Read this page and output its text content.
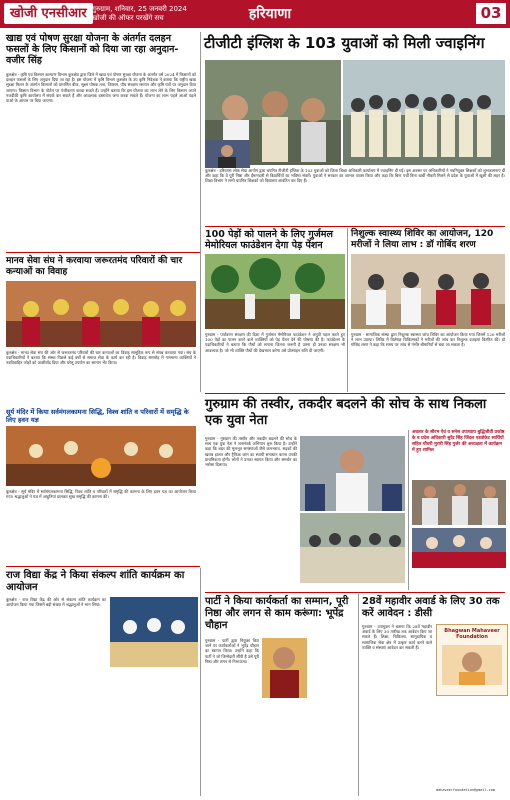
खोजी एनसीआर गुरुग्राम, शनिवार, 25 जनवरी 2024
खोजी की ऑफर परखेंगे सच	हरियाणा	03
खाद्य एवं पोषण सुरक्षा योजना के अंतर्गत दलहन फसलों के लिए किसानों को दिया जा रहा अनुदान-वजीर सिंह
कुरुक्षेत्र - कृषि एवं किसान कल्याण विभाग कुरुक्षेत्र द्वारा जिले में खाद्य एवं पोषण सुरक्षा योजना के अंतर्गत वर्ष 2024 में किसानों को दलहन फसलों के लिए अनुदान दिया जा रहा है। इस योजना में कृषि विभाग कुरुक्षेत्र के उप कृषि निदेशक ने बताया कि राष्ट्रीय खाद्य सुरक्षा मिशन के अंतर्गत किसानों को प्रमाणित बीज, सूक्ष्म पोषक तत्व, जिप्सम, पौध संरक्षण रसायन और कृषि यंत्रों पर अनुदान दिया जाएगा। किसान विभाग के पोर्टल पर पंजीकरण करवा सकते हैं। उन्होंने बताया कि इस योजना का लाभ लेने के लिए किसान अपने नजदीकी कृषि कार्यालय में संपर्क कर सकते हैं और आवश्यक दस्तावेज जमा करवा सकते हैं। योजना का लाभ पहले आओ पहले पाओ के आधार पर दिया जाएगा।
टीजीटी इंग्लिश के 103 युवाओं को मिली ज्वाइनिंग
कुरुक्षेत्र - हरियाणा लोक सेवा आयोग द्वारा चयनित टीजीटी इंग्लिश के 103 युवाओं को जिला शिक्षा अधिकारी कार्यालय में ज्वाइनिंग दी गई। इस अवसर पर अधिकारियों ने नवनियुक्त शिक्षकों को शुभकामनाएं दीं और कहा कि वे पूरी निष्ठा और ईमानदारी से विद्यार्थियों का भविष्य संवारें। युवाओं ने सरकार का आभार व्यक्त किया और कहा कि बिना पर्ची बिना खर्ची नौकरी मिलने से प्रदेश के युवाओं में खुशी की लहर है। शिक्षा विभाग ने सभी चयनित शिक्षकों को विद्यालय आवंटित कर दिए हैं।
मानव सेवा संघ ने करवाया जरूरतमंद परिवारों की चार कन्याओं का विवाह
कुरुक्षेत्र - मानव सेवा संघ की ओर से जरूरतमंद परिवारों की चार कन्याओं का विवाह सामूहिक रूप से संपन्न करवाया गया। संघ के पदाधिकारियों ने बताया कि संस्था पिछले कई वर्षों से समाज सेवा के कार्य कर रही है। विवाह समारोह में गणमान्य व्यक्तियों ने नवविवाहित जोड़ों को आशीर्वाद दिया और घरेलू उपयोग का सामान भेंट किया।
100 पेड़ों को पालने के लिए गुर्जमल मेमोरियल फाउंडेशन देगा पेड़ पेंशन
गुरुग्राम - पर्यावरण संरक्षण की दिशा में गुर्जमल मेमोरियल फाउंडेशन ने अनूठी पहल करते हुए 100 पेड़ों का पालन करने वाले व्यक्तियों को पेड़ पेंशन देने की घोषणा की है। फाउंडेशन के पदाधिकारियों ने बताया कि पौधों को लगाना जितना जरूरी है उतना ही उनका संरक्षण भी आवश्यक है। जो भी व्यक्ति पौधों की देखभाल करेगा उसे प्रोत्साहन राशि दी जाएगी।
निशुल्क स्वास्थ्य शिविर का आयोजन, 120 मरीजों ने लिया लाभ : डॉ गोबिंद शरण
गुरुग्राम - सामाजिक संस्था द्वारा निशुल्क स्वास्थ्य जांच शिविर का आयोजन किया गया जिसमें 120 मरीजों ने लाभ उठाया। शिविर में विशेषज्ञ चिकित्सकों ने मरीजों की जांच कर निशुल्क दवाइयां वितरित कीं। डॉ गोबिंद शरण ने कहा कि समय पर जांच से गंभीर बीमारियों से बचा जा सकता है।
सूर्य मंदिर में किया सर्वमंगलकामना सिद्धि, विश्व शांति व परिवारों में समृद्धि के लिए हवन यज्ञ
कुरुक्षेत्र - सूर्य मंदिर में सर्वमंगलकामना सिद्धि, विश्व शांति व परिवारों में समृद्धि की कामना के लिए हवन यज्ञ का आयोजन किया गया। श्रद्धालुओं ने यज्ञ में आहुतियां डालकर सुख समृद्धि की कामना की।
गुरुग्राम की तस्वीर, तकदीर बदलने की सोच के साथ निकला एक युवा नेता
गुरुग्राम - गुरुग्राम की तस्वीर और तकदीर बदलने की सोच के साथ एक युवा नेता ने जनसंपर्क अभियान शुरू किया है। उन्होंने कहा कि शहर की मूलभूत समस्याओं जैसे जलभराव, सड़कों की खराब हालत और ट्रैफिक जाम का स्थायी समाधान करना उनकी प्राथमिकता होगी। लोगों ने उनका स्वागत किया और समर्थन का भरोसा दिलाया।
अवतार के सौरभ ऐवं व सनेस उपाध्याय बुद्धिजीवी प्रकोष्ठ के व प्रदेश अधिकारी सुरेंद्र सिंह जिंदल एडवोकेट सार्थियों सहित चौधरी मुरारी सिंह गुर्जर की अध्यक्षता में कार्यक्रम में हुए शामिल
राज विद्या केंद्र ने किया संकल्प शांति कार्यक्रम का आयोजन
कुरुक्षेत्र - राज विद्या केंद्र की ओर से संकल्प शांति कार्यक्रम का आयोजन किया गया जिसमें बड़ी संख्या में श्रद्धालुओं ने भाग लिया।	पार्टी ने किया कार्यकर्ता का सम्मान, पूरी निष्ठा और लगन से काम करूंगा: भूपेंद्र चौहान
गुरुग्राम - पार्टी द्वारा नियुक्त किए जाने पर कार्यकर्ताओं ने भूपेंद्र चौहान का स्वागत किया। उन्होंने कहा कि पार्टी ने जो जिम्मेदारी सौंपी है उसे पूरी निष्ठा और लगन से निभाऊंगा।
28वें महावीर अवार्ड के लिए 30 तक करें आवेदन : डीसी
गुरुग्राम - उपायुक्त ने बताया कि 28वें महावीर अवार्ड के लिए 30 तारीख तक आवेदन किए जा सकते हैं। शिक्षा, चिकित्सा, सामुदायिक व सामाजिक सेवा क्षेत्र में उत्कृष्ट कार्य करने वाले व्यक्ति व संस्थाएं आवेदन कर सकती हैं।
Bhagwan Mahaveer Foundation
mahaveerfoundation@gmail.com
